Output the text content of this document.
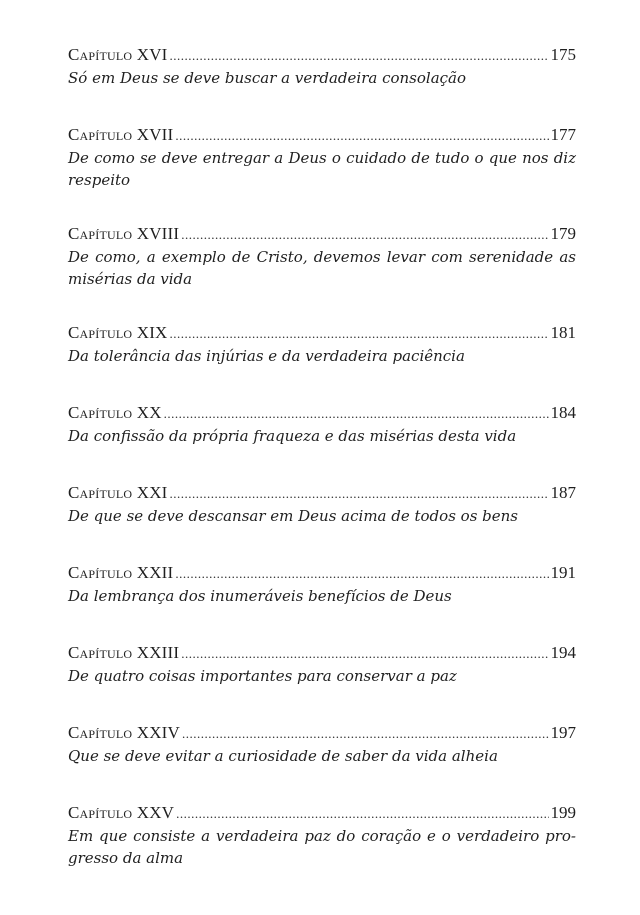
Capítulo XVI .....	175
Só em Deus se deve buscar a verdadeira consolação
Capítulo XVII .....	177
De como se deve entregar a Deus o cuidado de tudo o que nos diz respeito
Capítulo XVIII .....	179
De como, a exemplo de Cristo, devemos levar com serenidade as misérias da vida
Capítulo XIX .....	181
Da tolerância das injúrias e da verdadeira paciência
Capítulo XX .....	184
Da confissão da própria fraqueza e das misérias desta vida
Capítulo XXI .....	187
De que se deve descansar em Deus acima de todos os bens
Capítulo XXII .....	191
Da lembrança dos inumeráveis benefícios de Deus
Capítulo XXIII .....	194
De quatro coisas importantes para conservar a paz
Capítulo XXIV .....	197
Que se deve evitar a curiosidade de saber da vida alheia
Capítulo XXV .....	199
Em que consiste a verdadeira paz do coração e o verdadeiro pro-gresso da alma
